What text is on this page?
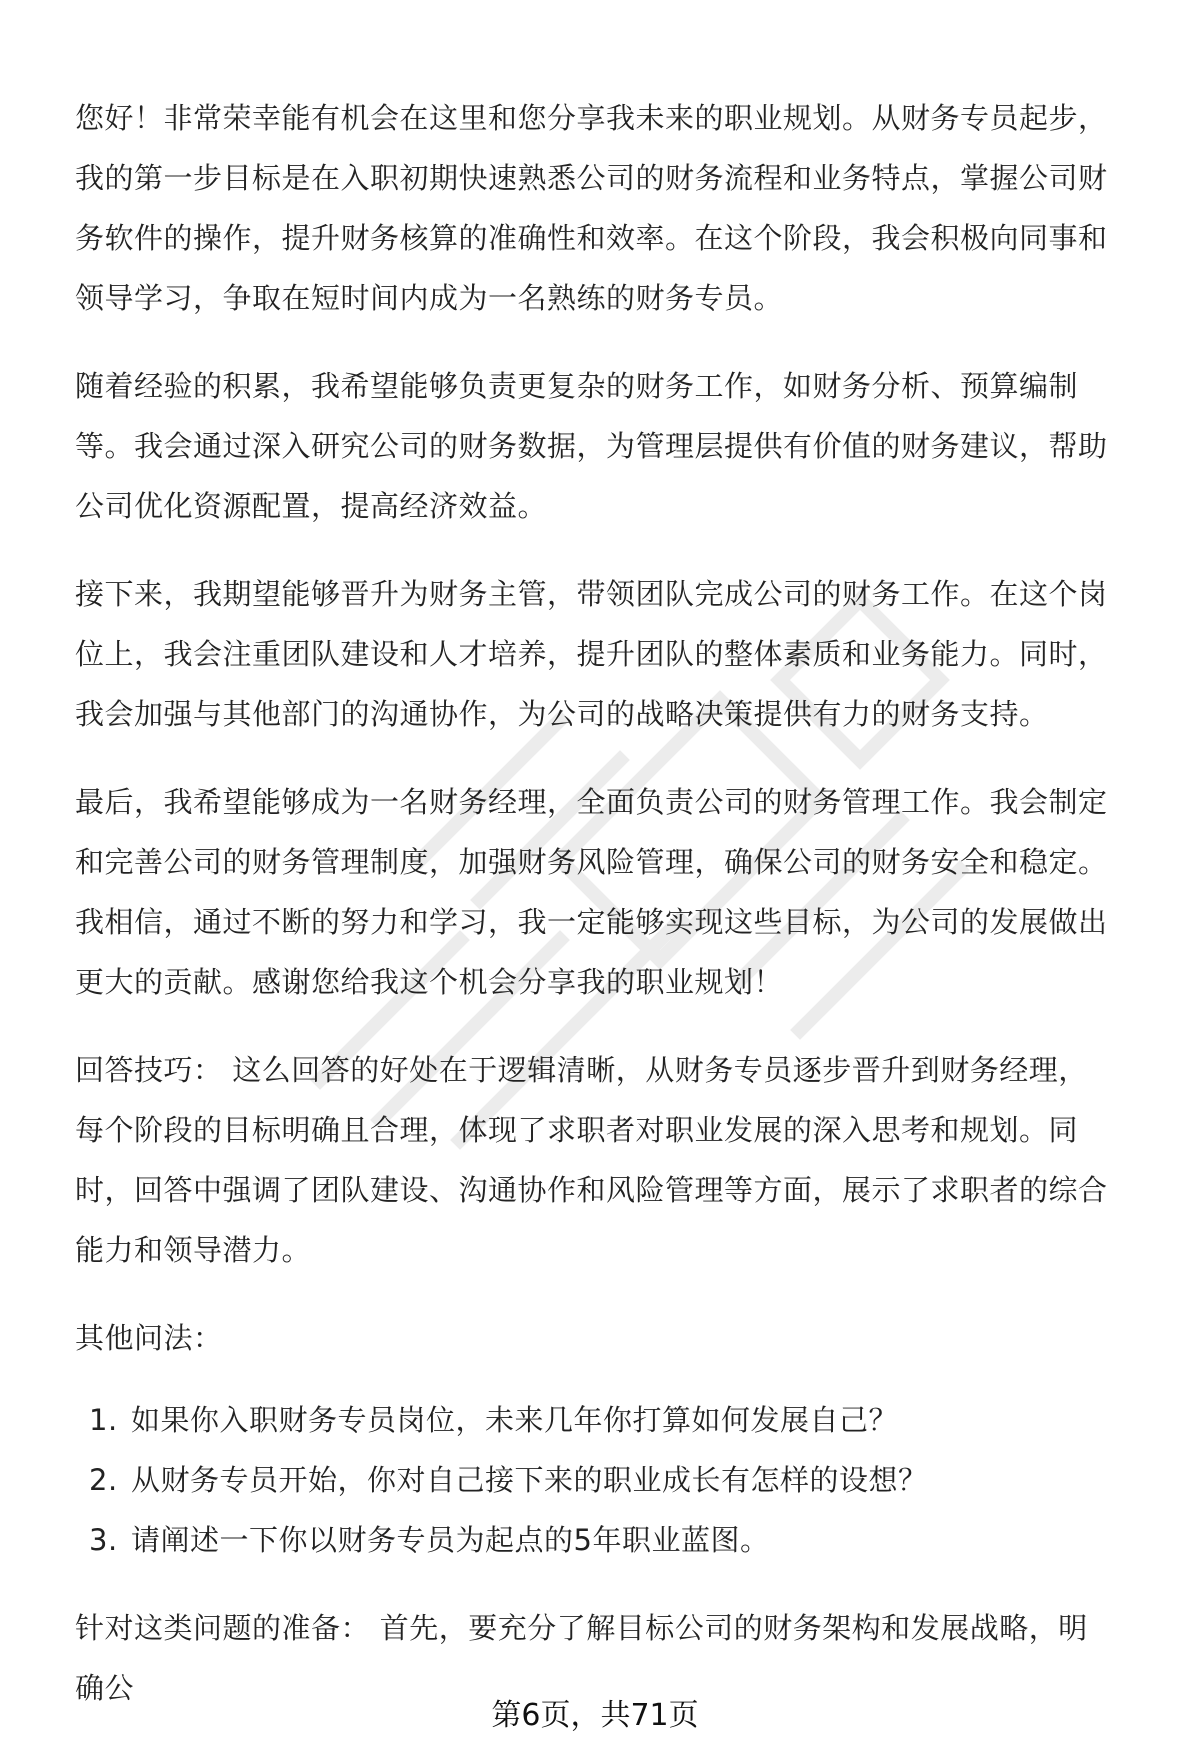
您好！非常荣幸能有机会在这里和您分享我未来的职业规划。从财务专员起步，我的第一步目标是在入职初期快速熟悉公司的财务流程和业务特点，掌握公司财务软件的操作，提升财务核算的准确性和效率。在这个阶段，我会积极向同事和领导学习，争取在短时间内成为一名熟练的财务专员。

随着经验的积累，我希望能够负责更复杂的财务工作，如财务分析、预算编制等。我会通过深入研究公司的财务数据，为管理层提供有价值的财务建议，帮助公司优化资源配置，提高经济效益。

接下来，我期望能够晋升为财务主管，带领团队完成公司的财务工作。在这个岗位上，我会注重团队建设和人才培养，提升团队的整体素质和业务能力。同时，我会加强与其他部门的沟通协作，为公司的战略决策提供有力的财务支持。

最后，我希望能够成为一名财务经理，全面负责公司的财务管理工作。我会制定和完善公司的财务管理制度，加强财务风险管理，确保公司的财务安全和稳定。我相信，通过不断的努力和学习，我一定能够实现这些目标，为公司的发展做出更大的贡献。感谢您给我这个机会分享我的职业规划！

回答技巧： 这么回答的好处在于逻辑清晰，从财务专员逐步晋升到财务经理，每个阶段的目标明确且合理，体现了求职者对职业发展的深入思考和规划。同时，回答中强调了团队建设、沟通协作和风险管理等方面，展示了求职者的综合能力和领导潜力。

其他问法：

1. 如果你入职财务专员岗位，未来几年你打算如何发展自己？
2. 从财务专员开始，你对自己接下来的职业成长有怎样的设想？
3. 请阐述一下你以财务专员为起点的5年职业蓝图。

针对这类问题的准备： 首先，要充分了解目标公司的财务架构和发展战略，明确公

第6页，共71页
